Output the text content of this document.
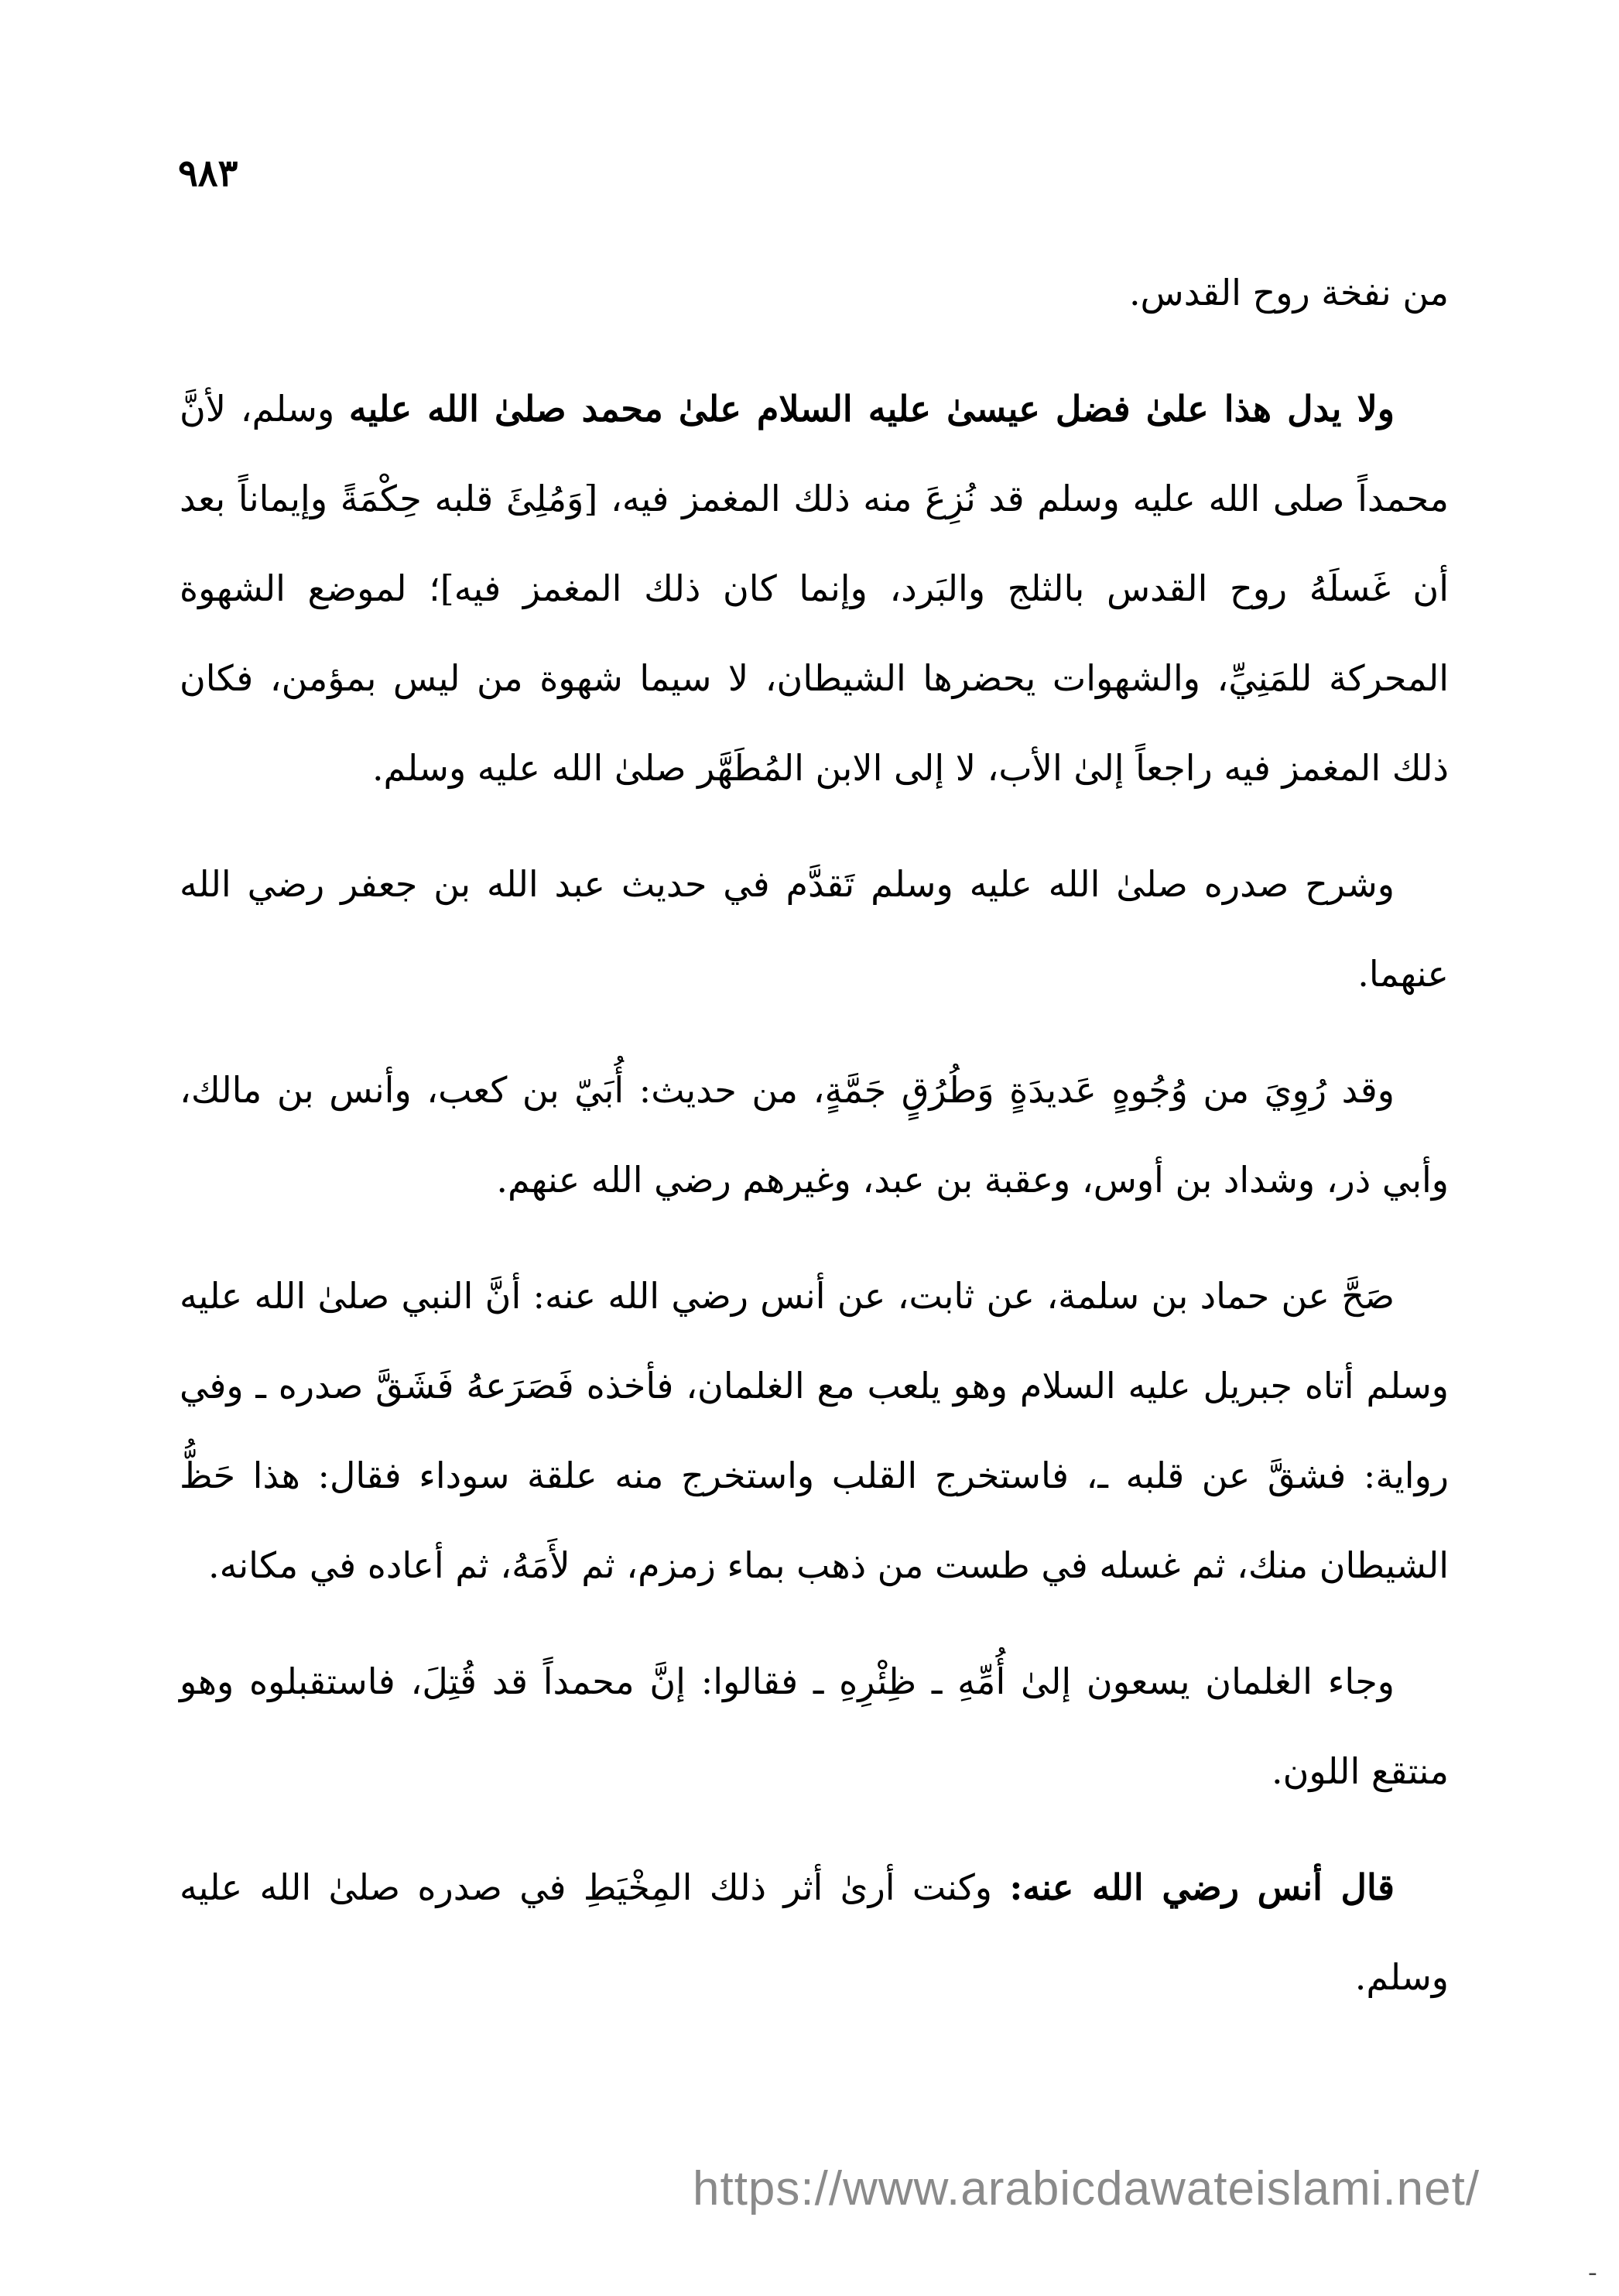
٩٨٣

من نفخة روح القدس.

ولا يدل هذا علىٰ فضل عيسىٰ عليه السلام علىٰ محمد صلىٰ الله عليه وسلم، لأنَّ محمداً صلى الله عليه وسلم قد نُزِعَ منه ذلك المغمز فيه، [وَمُلِئَ قلبه حِكْمَةً وإيماناً بعد أن غَسلَهُ روح القدس بالثلج والبَرد، وإنما كان ذلك المغمز فيه]؛ لموضع الشهوة المحركة للمَنِيِّ، والشهوات يحضرها الشيطان، لا سيما شهوة من ليس بمؤمن، فكان ذلك المغمز فيه راجعاً إلىٰ الأب، لا إلى الابن المُطَهَّر صلىٰ الله عليه وسلم.

وشرح صدره صلىٰ الله عليه وسلم تَقدَّم في حديث عبد الله بن جعفر رضي الله عنهما.

وقد رُوِيَ من وُجُوهٍ عَديدَةٍ وَطُرُقٍ جَمَّةٍ، من حديث: أُبَيّ بن كعب، وأنس بن مالك، وأبي ذر، وشداد بن أوس، وعقبة بن عبد، وغيرهم رضي الله عنهم.

صَحَّ عن حماد بن سلمة، عن ثابت، عن أنس رضي الله عنه: أنَّ النبي صلىٰ الله عليه وسلم أتاه جبريل عليه السلام وهو يلعب مع الغلمان، فأخذه فَصَرَعهُ فَشَقَّ صدره ـ وفي رواية: فشقَّ عن قلبه ـ، فاستخرج القلب واستخرج منه علقة سوداء فقال: هذا حَظُّ الشيطان منك، ثم غسله في طست من ذهب بماء زمزم، ثم لأَمَهُ، ثم أعاده في مكانه.

وجاء الغلمان يسعون إلىٰ أُمِّهِ ـ ظِئْرِهِ ـ فقالوا: إنَّ محمداً قد قُتِلَ، فاستقبلوه وهو منتقع اللون.

قال أنس رضي الله عنه: وكنت أرىٰ أثر ذلك المِخْيَطِ في صدره صلىٰ الله عليه وسلم.

https://www.arabicdawateislami.net/
ـ
